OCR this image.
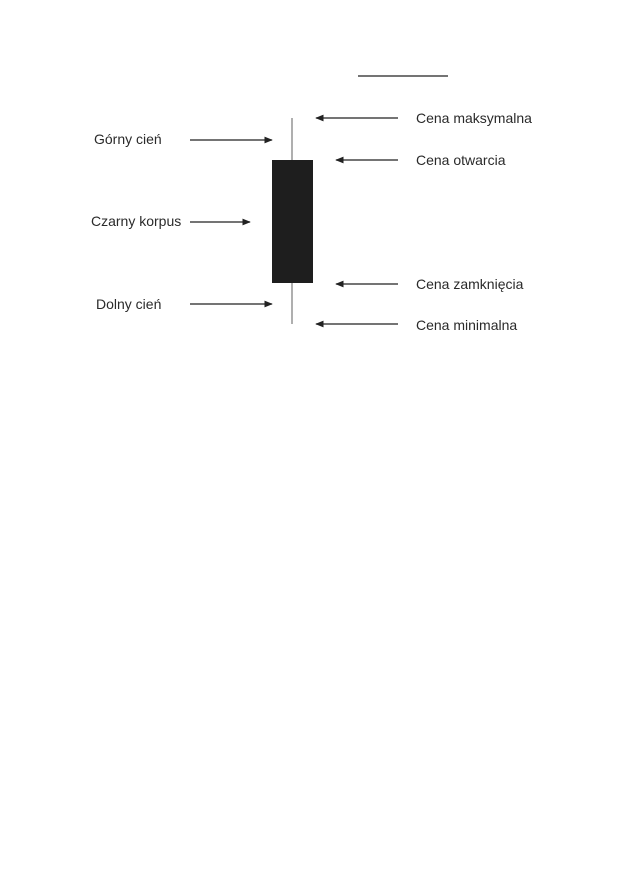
Górny cień
Czarny korpus
Dolny cień
Cena maksymalna
Cena otwarcia
Cena zamknięcia
Cena minimalna
